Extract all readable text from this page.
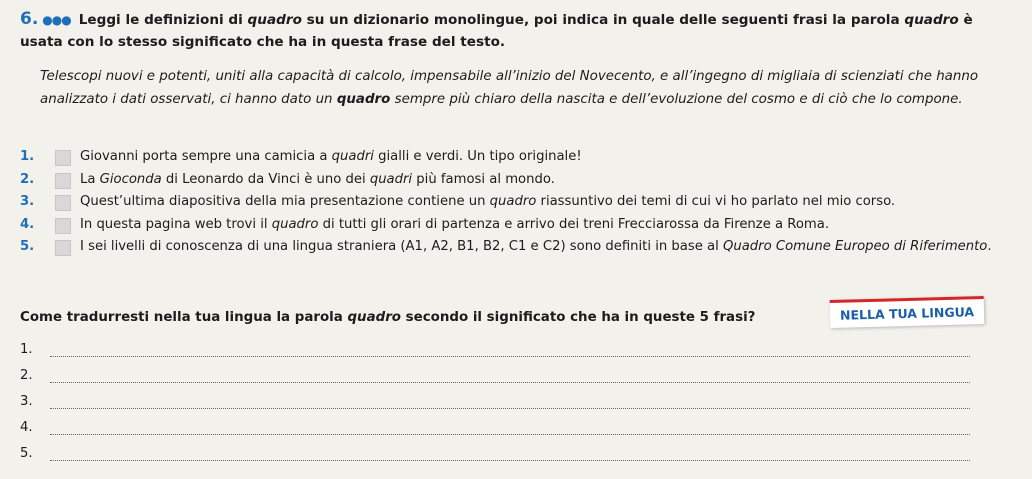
6. ●●● Leggi le definizioni di quadro su un dizionario monolingue, poi indica in quale delle seguenti frasi la parola quadro è usata con lo stesso significato che ha in questa frase del testo.
Telescopi nuovi e potenti, uniti alla capacità di calcolo, impensabile all’inizio del Novecento, e all’ingegno di migliaia di scienziati che hanno analizzato i dati osservati, ci hanno dato un quadro sempre più chiaro della nascita e dell’evoluzione del cosmo e di ciò che lo compone.
1.	Giovanni porta sempre una camicia a quadri gialli e verdi. Un tipo originale!
2.	La Gioconda di Leonardo da Vinci è uno dei quadri più famosi al mondo.
3.	Quest’ultima diapositiva della mia presentazione contiene un quadro riassuntivo dei temi di cui vi ho parlato nel mio corso.
4.	In questa pagina web trovi il quadro di tutti gli orari di partenza e arrivo dei treni Frecciarossa da Firenze a Roma.
5.	I sei livelli di conoscenza di una lingua straniera (A1, A2, B1, B2, C1 e C2) sono definiti in base al Quadro Comune Europeo di Riferimento.
Come tradurresti nella tua lingua la parola quadro secondo il significato che ha in queste 5 frasi?	NELLA TUA LINGUA
1.
2.
3.
4.
5.
